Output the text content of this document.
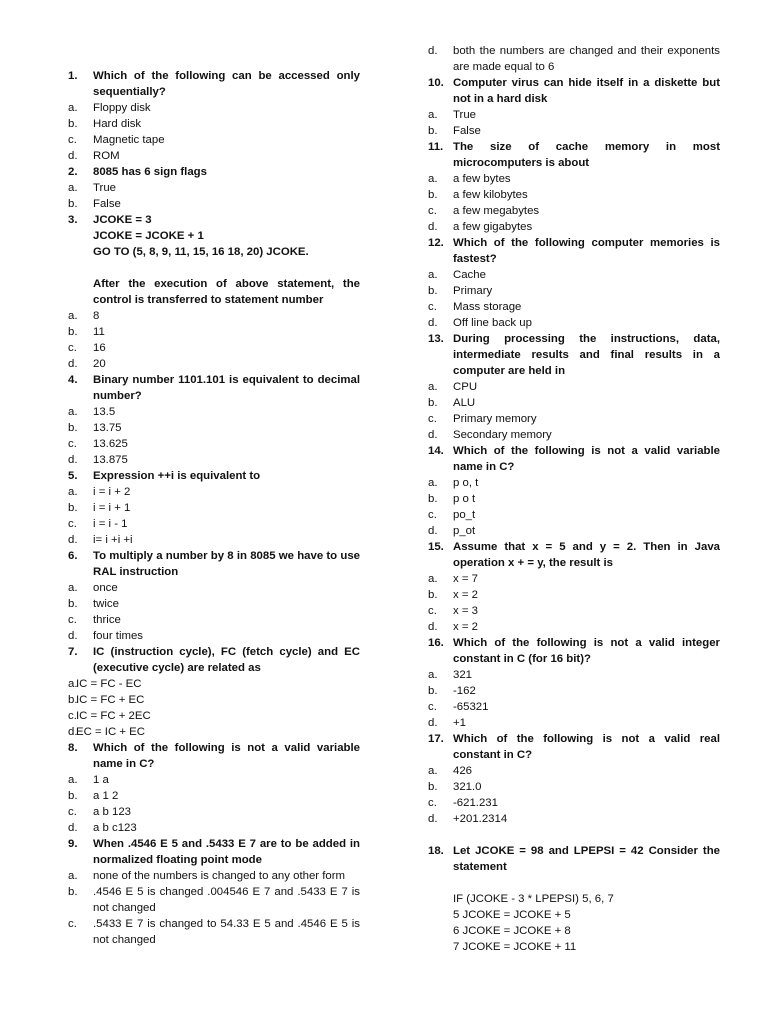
1.	Which of the following can be accessed only sequentially?
a.	Floppy disk
b.	Hard disk
c.	Magnetic tape
d.	ROM
2.	8085 has 6 sign flags
a.	True
b.	False
3.	JCOKE = 3
JCOKE = JCOKE + 1
GO TO (5, 8, 9, 11, 15, 16 18, 20) JCOKE.
After the execution of above statement, the control is transferred to statement number
a.	8
b.	11
c.	16
d.	20
4.	Binary number 1101.101 is equivalent to decimal number?
a.	13.5
b.	13.75
c.	13.625
d.	13.875
5.	Expression ++i is equivalent to
a.	i = i + 2
b.	i = i + 1
c.	i = i - 1
d.	i= i +i +i
6.	To multiply a number by 8 in 8085 we have to use RAL instruction
a.	once
b.	twice
c.	thrice
d.	four times
7.	IC (instruction cycle), FC (fetch cycle) and EC (executive cycle) are related as
a.
IC = FC - EC
b.
IC = FC + EC
c. IC = FC + 2EC
d.
EC = IC + EC
8.	Which of the following is not a valid variable name in C?
a.	1 a
b.	a 1 2
c.	a b 123
d.	a b c123
9.	When .4546 E 5 and .5433 E 7 are to be added in normalized floating point mode
a.	none of the numbers is changed to any other form
b.	.4546 E 5 is changed .004546 E 7 and .5433 E 7 is not changed
c.	.5433 E 7 is changed to 54.33 E 5 and .4546 E 5 is not changed
d.	both the numbers are changed and their exponents are made equal to 6
10. Computer virus can hide itself in a diskette but not in a hard disk
a.	True
b.	False
11. The size of cache memory in most microcomputers is about
a.	a few bytes
b.	a few kilobytes
c.	a few megabytes
d.	a few gigabytes
12. Which of the following computer memories is fastest?
a.	Cache
b.	Primary
c.	Mass storage
d.	Off line back up
13. During processing the instructions, data, intermediate results and final results in a computer are held in
a.	CPU
b.	ALU
c.	Primary memory
d.	Secondary memory
14. Which of the following is not a valid variable name in C?
a.	p o, t
b.	p o t
c.	po_t
d.	p_ot
15. Assume that x = 5 and y = 2. Then in Java operation x + = y, the result is
a.	x = 7
b.	x = 2
c.	x = 3
d.	x = 2
16. Which of the following is not a valid integer constant in C (for 16 bit)?
a.	321
b.	-162
c.	-65321
d.	+1
17. Which of the following is not a valid real constant in C?
a.	426
b.	321.0
c.	-621.231
d.	+201.2314
18. Let JCOKE = 98 and LPEPSI = 42 Consider the statement
IF (JCOKE - 3 * LPEPSI) 5, 6, 7
5 JCOKE = JCOKE + 5
6 JCOKE = JCOKE + 8
7 JCOKE = JCOKE + 11
